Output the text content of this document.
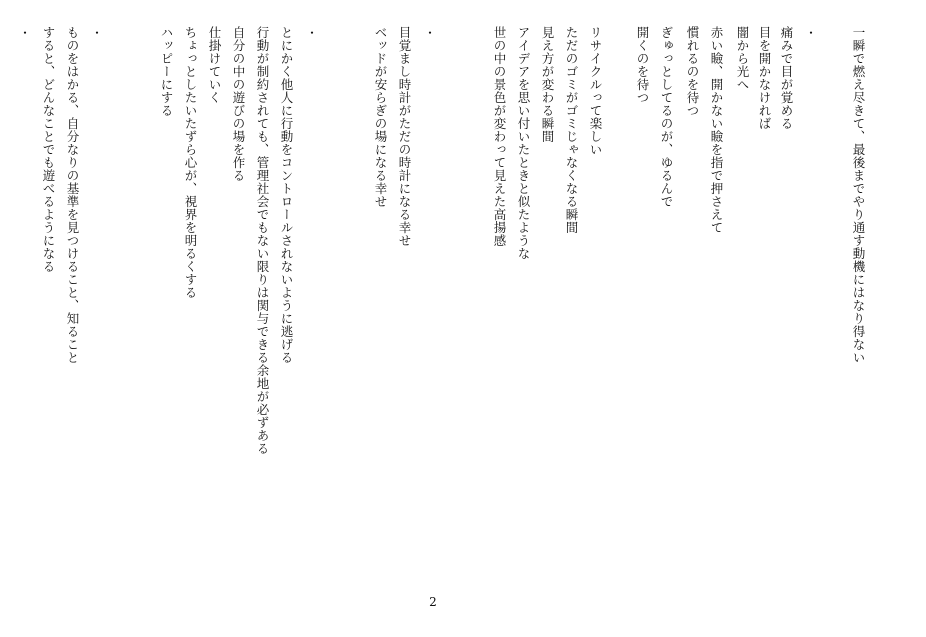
一瞬で燃え尽きて、最後までやり通す動機にはなり得ない
・
痛みで目が覚める
目を開かなければ
闇から光へ
赤い瞼、開かない瞼を指で押さえて
慣れるのを待つ
ぎゅっとしてるのが、ゆるんで
開くのを待つ
リサイクルって楽しい
ただのゴミがゴミじゃなくなる瞬間
見え方が変わる瞬間
アイデアを思い付いたときと似たような
世の中の景色が変わって見えた高揚感
・
目覚まし時計がただの時計になる幸せ
ベッドが安らぎの場になる幸せ
・
とにかく他人に行動をコントロールされないように逃げる
行動が制約されても、管理社会でもない限りは関与できる余地が必ずある
自分の中の遊びの場を作る
仕掛けていく
ちょっとしたいたずら心が、視界を明るくする
ハッピーにする
・
ものをはかる、自分なりの基準を見つけること、知ること
すると、どんなことでも遊べるようになる
・
2
